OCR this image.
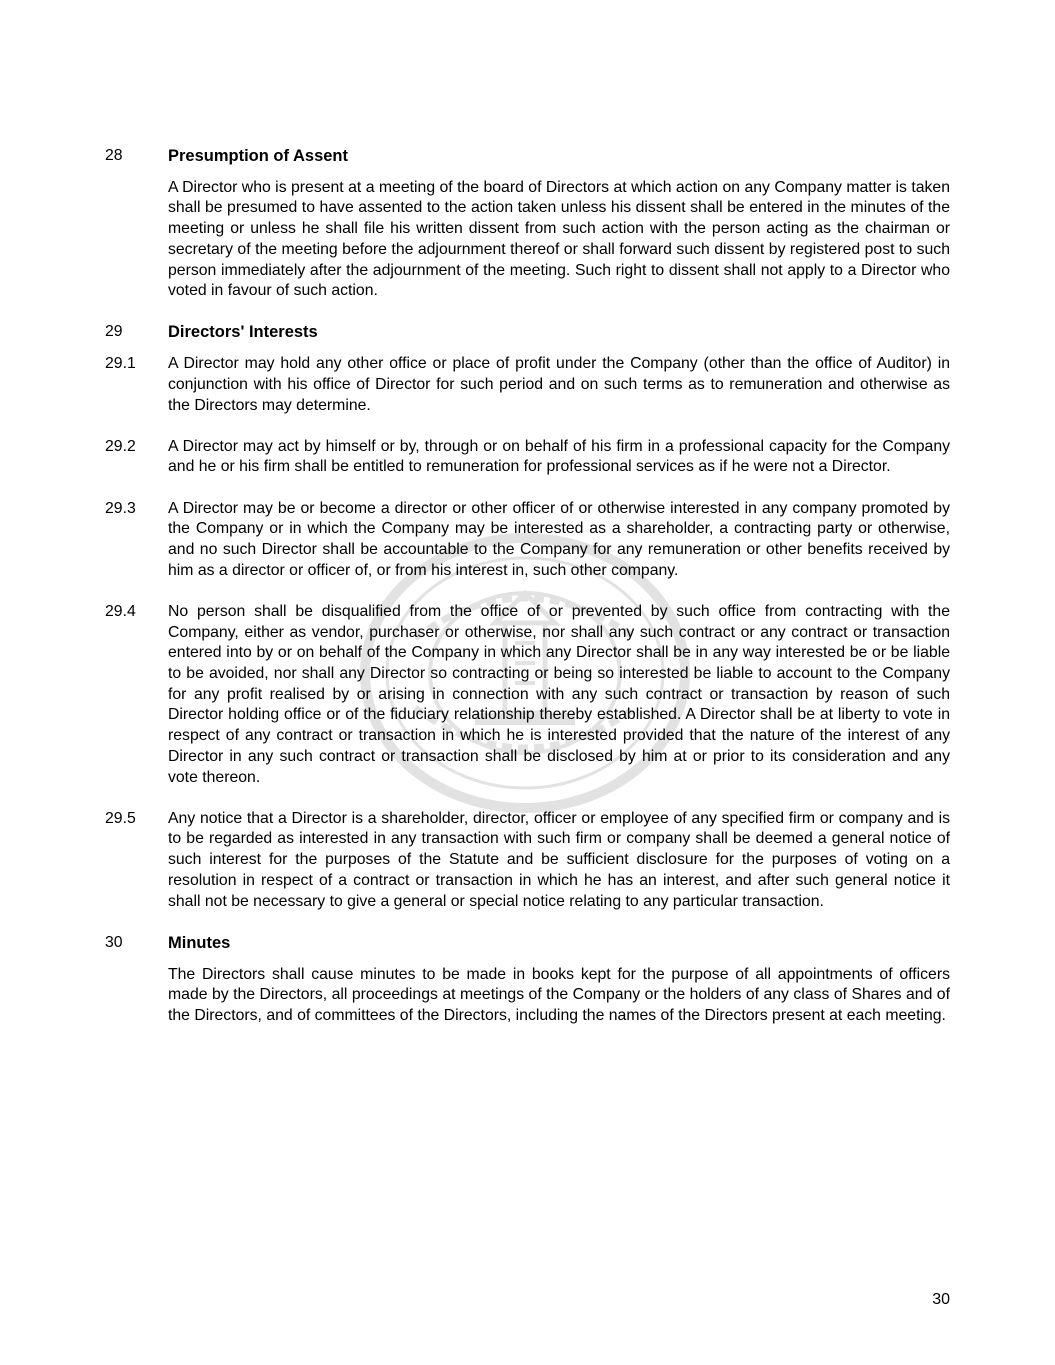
28	Presumption of Assent
A Director who is present at a meeting of the board of Directors at which action on any Company matter is taken shall be presumed to have assented to the action taken unless his dissent shall be entered in the minutes of the meeting or unless he shall file his written dissent from such action with the person acting as the chairman or secretary of the meeting before the adjournment thereof or shall forward such dissent by registered post to such person immediately after the adjournment of the meeting. Such right to dissent shall not apply to a Director who voted in favour of such action.
29	Directors' Interests
29.1	A Director may hold any other office or place of profit under the Company (other than the office of Auditor) in conjunction with his office of Director for such period and on such terms as to remuneration and otherwise as the Directors may determine.
29.2	A Director may act by himself or by, through or on behalf of his firm in a professional capacity for the Company and he or his firm shall be entitled to remuneration for professional services as if he were not a Director.
29.3	A Director may be or become a director or other officer of or otherwise interested in any company promoted by the Company or in which the Company may be interested as a shareholder, a contracting party or otherwise, and no such Director shall be accountable to the Company for any remuneration or other benefits received by him as a director or officer of, or from his interest in, such other company.
29.4	No person shall be disqualified from the office of or prevented by such office from contracting with the Company, either as vendor, purchaser or otherwise, nor shall any such contract or any contract or transaction entered into by or on behalf of the Company in which any Director shall be in any way interested be or be liable to be avoided, nor shall any Director so contracting or being so interested be liable to account to the Company for any profit realised by or arising in connection with any such contract or transaction by reason of such Director holding office or of the fiduciary relationship thereby established. A Director shall be at liberty to vote in respect of any contract or transaction in which he is interested provided that the nature of the interest of any Director in any such contract or transaction shall be disclosed by him at or prior to its consideration and any vote thereon.
29.5	Any notice that a Director is a shareholder, director, officer or employee of any specified firm or company and is to be regarded as interested in any transaction with such firm or company shall be deemed a general notice of such interest for the purposes of the Statute and be sufficient disclosure for the purposes of voting on a resolution in respect of a contract or transaction in which he has an interest, and after such general notice it shall not be necessary to give a general or special notice relating to any particular transaction.
30	Minutes
The Directors shall cause minutes to be made in books kept for the purpose of all appointments of officers made by the Directors, all proceedings at meetings of the Company or the holders of any class of Shares and of the Directors, and of committees of the Directors, including the names of the Directors present at each meeting.
30
